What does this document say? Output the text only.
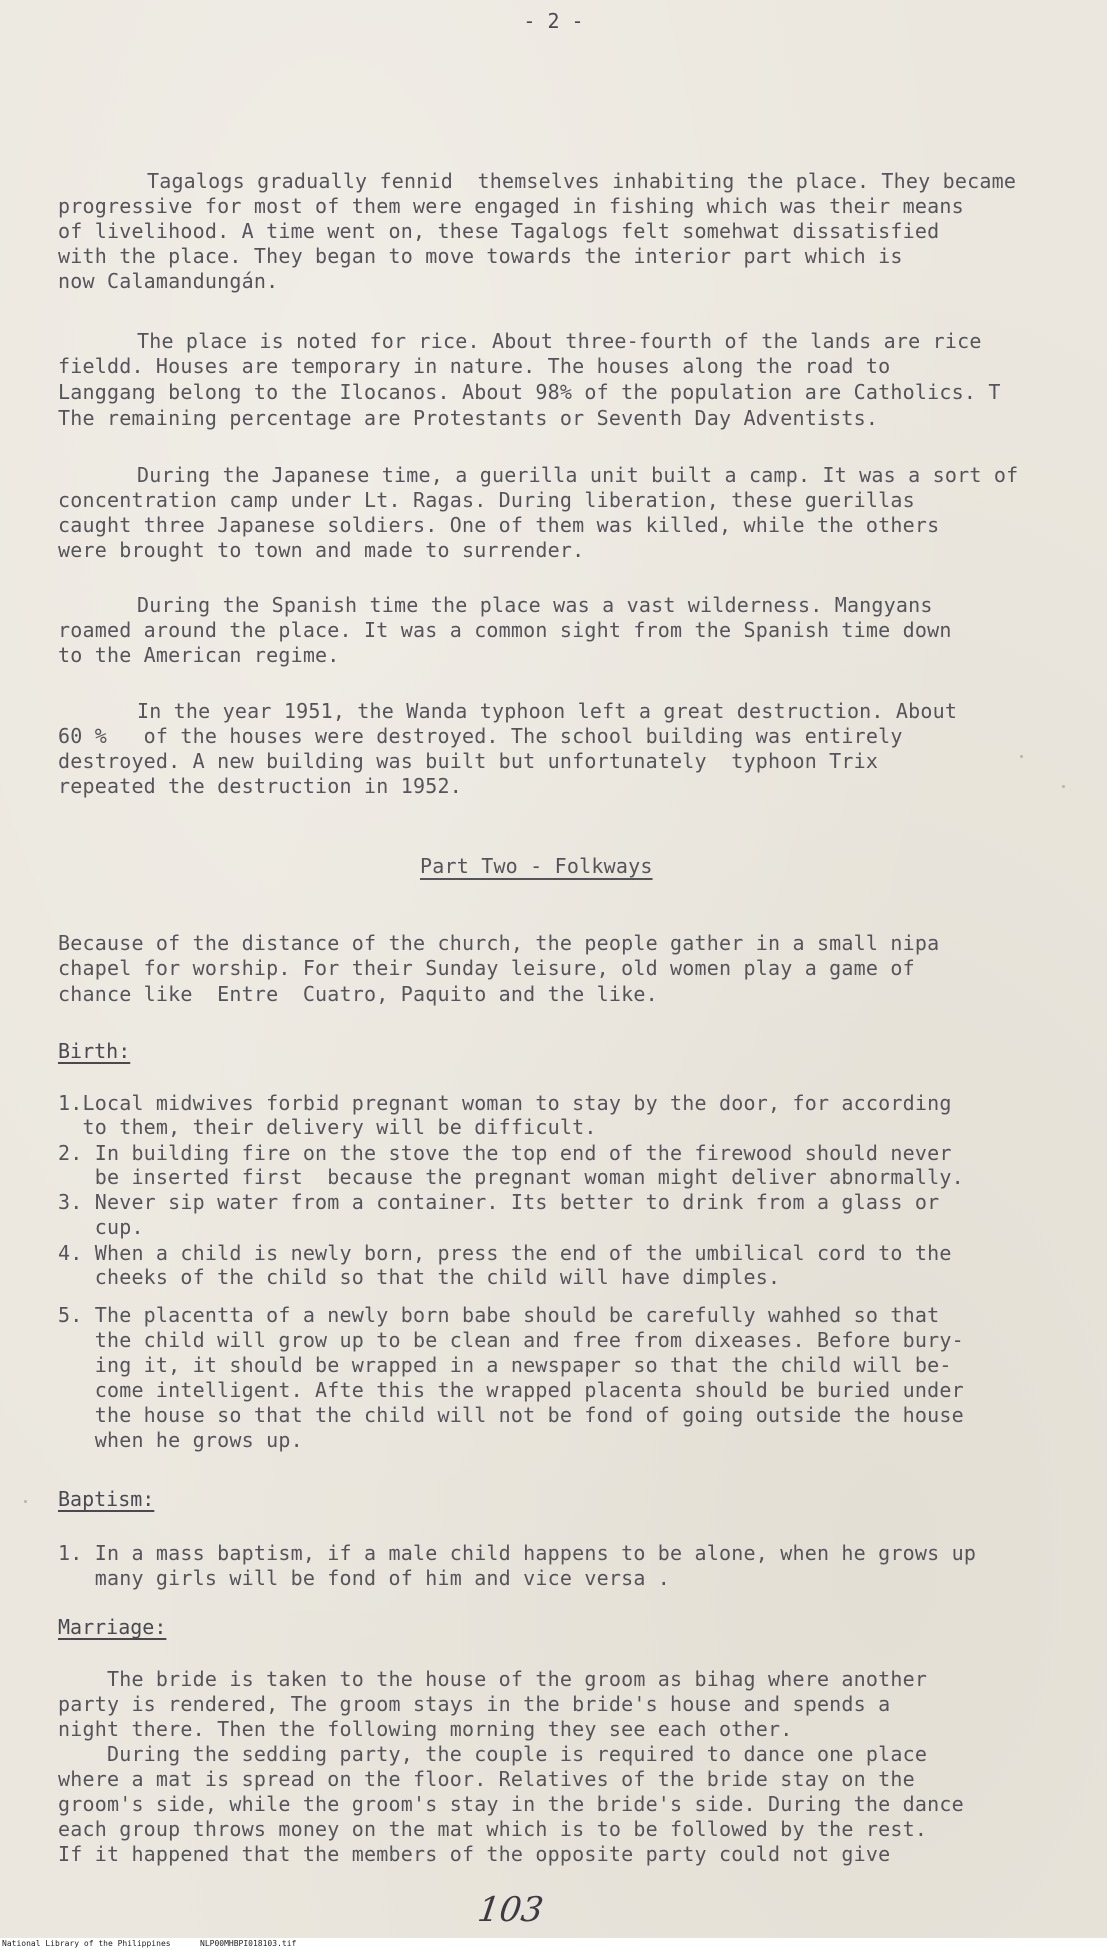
- 2 -
Tagalogs gradually fennid  themselves inhabiting the place. They became
progressive for most of them were engaged in fishing which was their means
of livelihood. A time went on, these Tagalogs felt somehwat dissatisfied
with the place. They began to move towards the interior part which is
now Calamandungán.
The place is noted for rice. About three-fourth of the lands are rice
fieldd. Houses are temporary in nature. The houses along the road to
Langgang belong to the Ilocanos. About 98% of the population are Catholics. T
The remaining percentage are Protestants or Seventh Day Adventists.
During the Japanese time, a guerilla unit built a camp. It was a sort of
concentration camp under Lt. Ragas. During liberation, these guerillas
caught three Japanese soldiers. One of them was killed, while the others
were brought to town and made to surrender.
During the Spanish time the place was a vast wilderness. Mangyans
roamed around the place. It was a common sight from the Spanish time down
to the American regime.
In the year 1951, the Wanda typhoon left a great destruction. About
60 %   of the houses were destroyed. The school building was entirely
destroyed. A new building was built but unfortunately  typhoon Trix
repeated the destruction in 1952.
Part Two - Folkways
Because of the distance of the church, the people gather in a small nipa
chapel for worship. For their Sunday leisure, old women play a game of
chance like  Entre  Cuatro, Paquito and the like.
Birth:
1.Local midwives forbid pregnant woman to stay by the door, for according
to them, their delivery will be difficult.
2. In building fire on the stove the top end of the firewood should never
be inserted first  because the pregnant woman might deliver abnormally.
3. Never sip water from a container. Its better to drink from a glass or
cup.
4. When a child is newly born, press the end of the umbilical cord to the
cheeks of the child so that the child will have dimples.
5. The placentta of a newly born babe should be carefully wahhed so that
the child will grow up to be clean and free from dixeases. Before bury-
ing it, it should be wrapped in a newspaper so that the child will be-
come intelligent. Afte this the wrapped placenta should be buried under
the house so that the child will not be fond of going outside the house
when he grows up.
Baptism:
1. In a mass baptism, if a male child happens to be alone, when he grows up
many girls will be fond of him and vice versa .
Marriage:
The bride is taken to the house of the groom as bihag where another
party is rendered, The groom stays in the bride's house and spends a
night there. Then the following morning they see each other.
During the sedding party, the couple is required to dance one place
where a mat is spread on the floor. Relatives of the bride stay on the
groom's side, while the groom's stay in the bride's side. During the dance
each group throws money on the mat which is to be followed by the rest.
If it happened that the members of the opposite party could not give
103
National Library of the Philippines	NLP00MHBPI018103.tif
